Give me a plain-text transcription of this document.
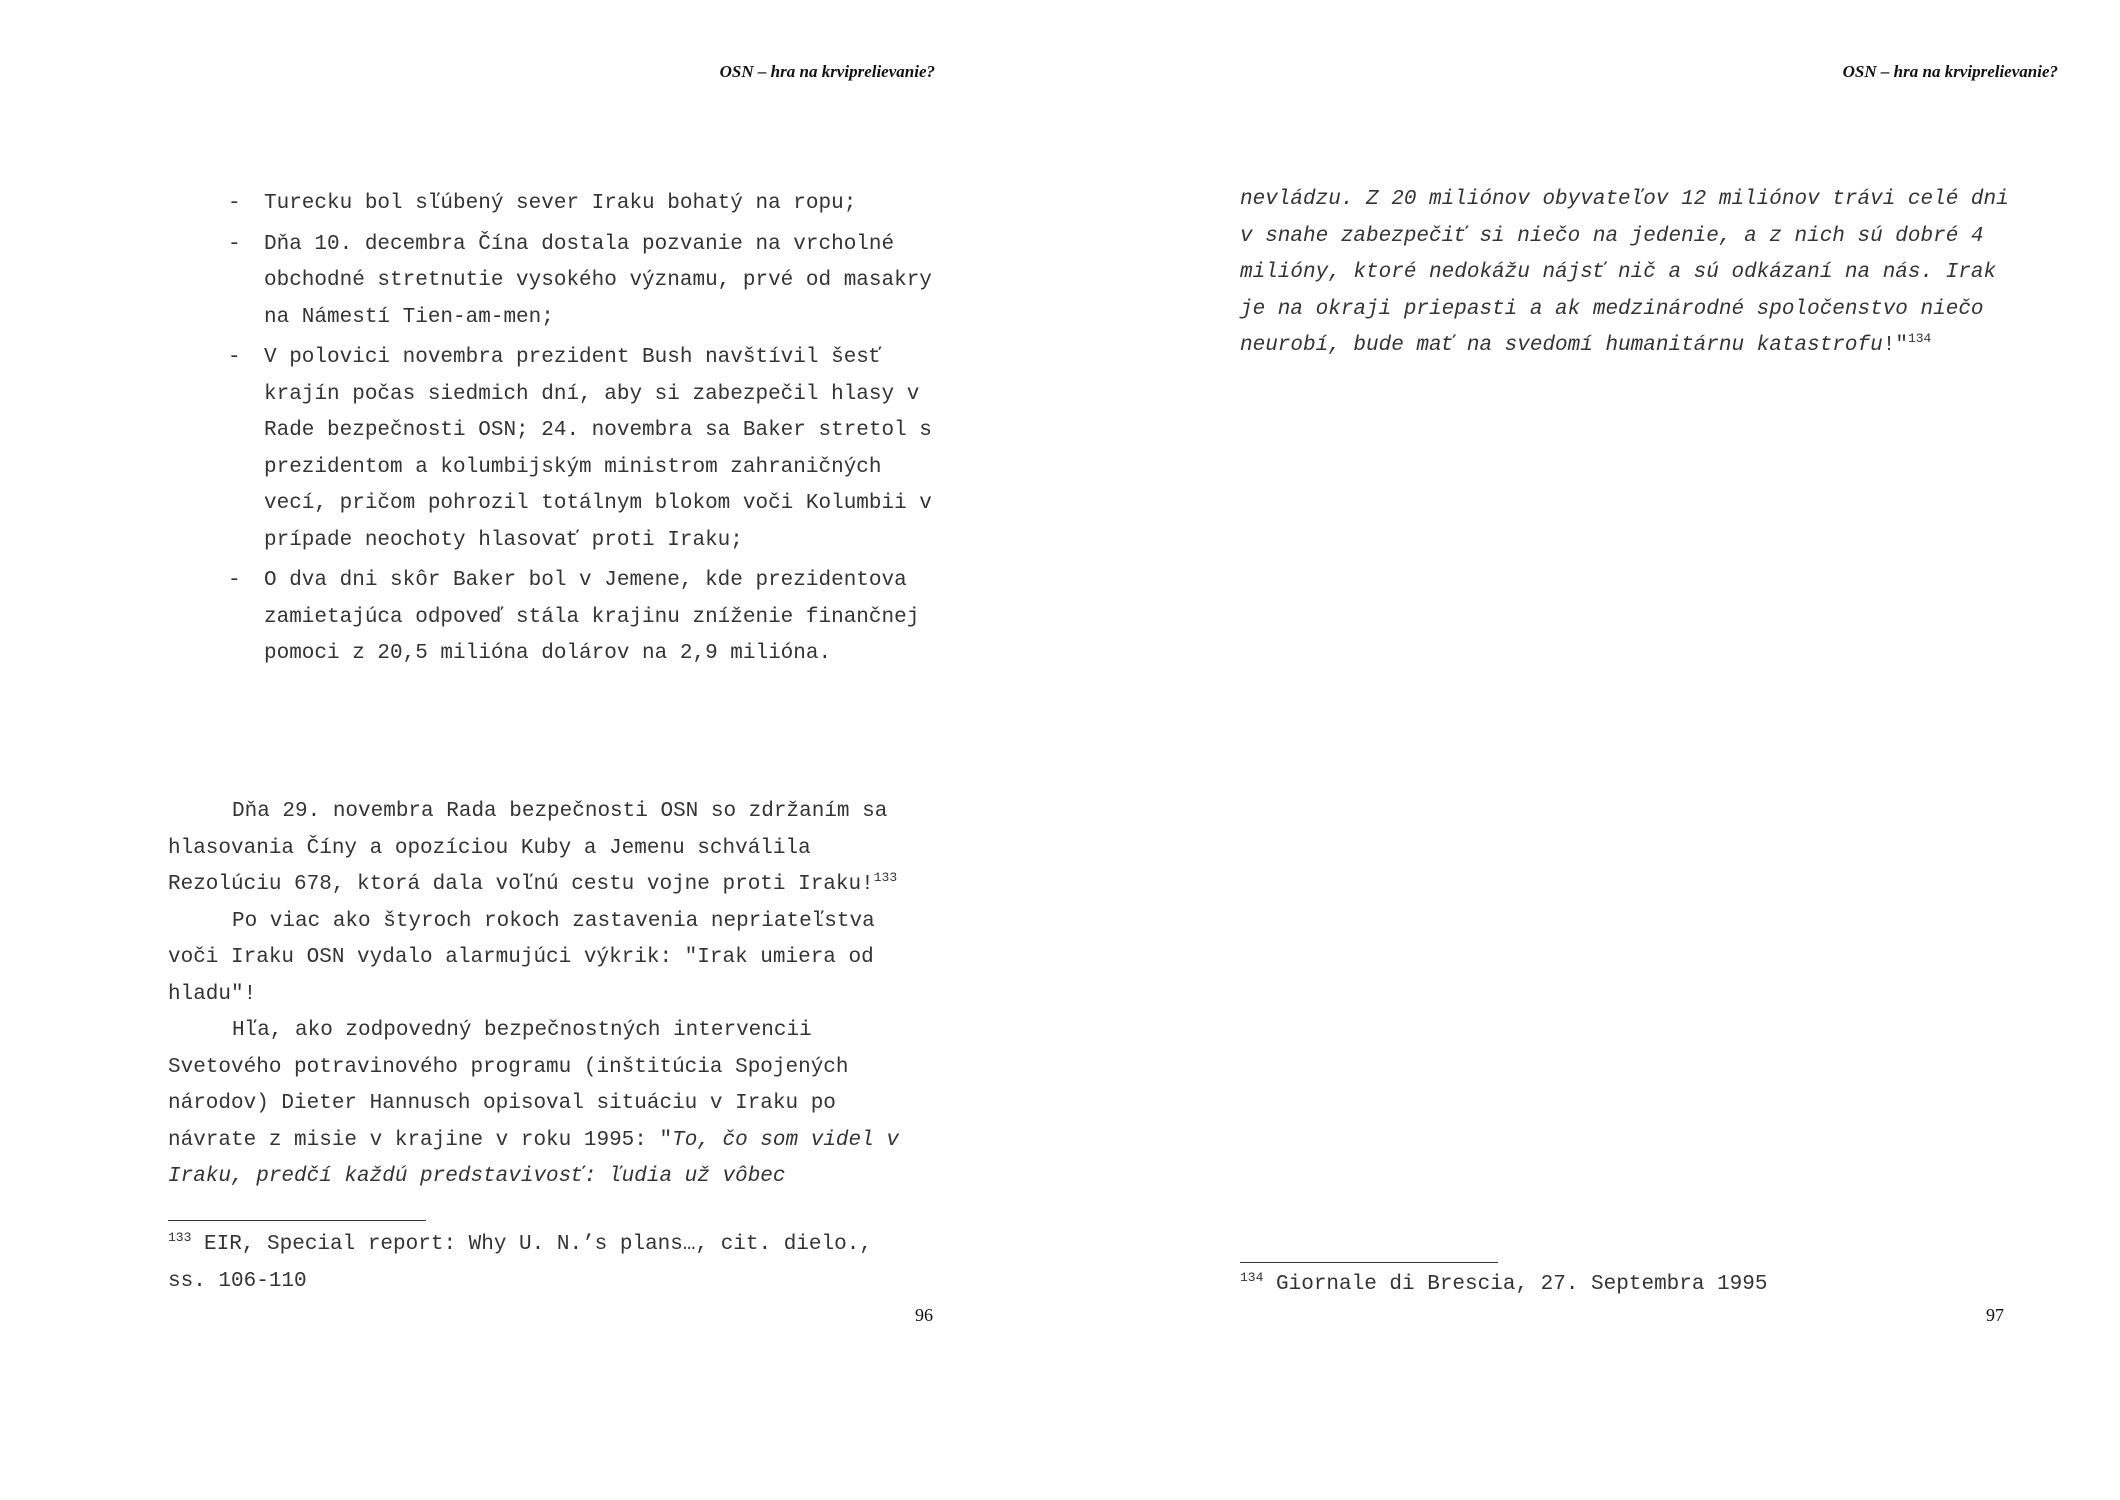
OSN – hra na krviprelievanie?
- Turecku bol sľúbený sever Iraku bohatý na ropu;
- Dňa 10. decembra Čína dostala pozvanie na vrcholné obchodné stretnutie vysokého významu, prvé od masakry na Námestí Tien-am-men;
- V polovici novembra prezident Bush navštívil šesť krajín počas siedmich dní, aby si zabezpečil hlasy v Rade bezpečnosti OSN; 24. novembra sa Baker stretol s prezidentom a kolumbijským ministrom zahraničných vecí, pričom pohrozil totálnym blokom voči Kolumbii v prípade neochoty hlasovať proti Iraku;
- O dva dni skôr Baker bol v Jemene, kde prezidentova zamietajúca odpoveď stála krajinu zníženie finančnej pomoci z 20,5 milióna dolárov na 2,9 milióna.

Dňa 29. novembra Rada bezpečnosti OSN so zdržaním sa hlasovania Číny a opozíciou Kuby a Jemenu schválila Rezolúciu 678, ktorá dala voľnú cestu vojne proti Iraku!$^{133}$

Po viac ako štyroch rokoch zastavenia nepriateľstva voči Iraku OSN vydalo alarmujúci výkrik: "Irak umiera od hladu"!

Hľa, ako zodpovedný bezpečnostných intervencii Svetového potravinového programu (inštitúcia Spojených národov) Dieter Hannusch opisoval situáciu v Iraku po návrate z misie v krajine v roku 1995: "To, čo som videl v Iraku, predčí každú predstavivosť: ľudia už vôbec

$^{133}$ EIR, Special report: Why U. N.’s plans…, cit. dielo., ss. 106-110
96
OSN – hra na krviprelievanie?
nevládzu. Z 20 miliónov obyvateľov 12 miliónov trávi celé dni v snahe zabezpečiť si niečo na jedenie, a z nich sú dobré 4 milióny, ktoré nedokážu nájsť nič a sú odkázaní na nás. Irak je na okraji priepasti a ak medzinárodné spoločenstvo niečo neurobí, bude mať na svedomí humanitárnu katastrofu!"$^{134}$
$^{134}$ Giornale di Brescia, 27. Septembra 1995
97
